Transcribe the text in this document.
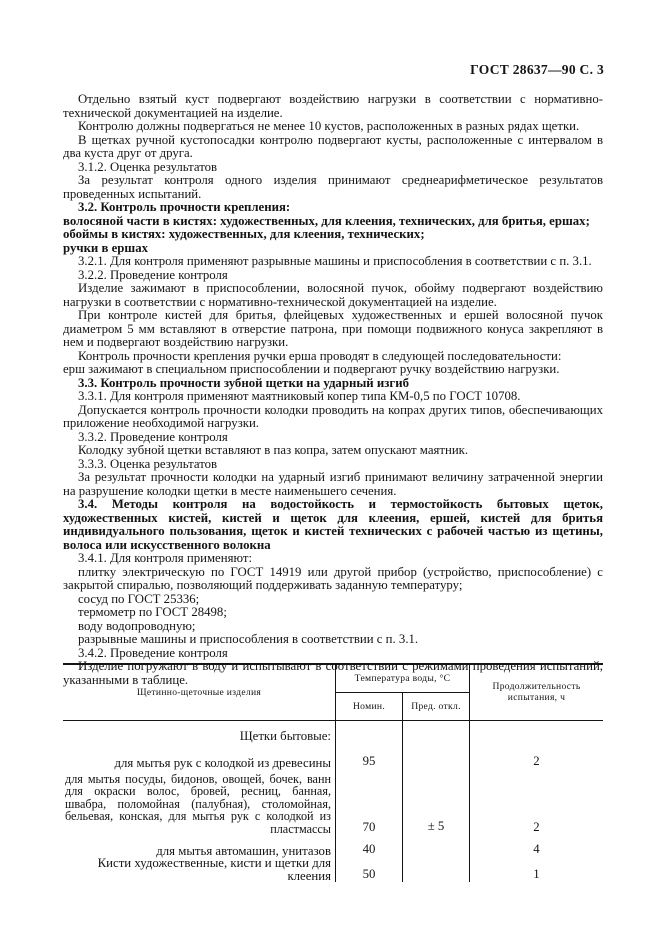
ГОСТ 28637—90 С. 3

Отдельно взятый куст подвергают воздействию нагрузки в соответствии с нормативно-технической документацией на изделие.

Контролю должны подвергаться не менее 10 кустов, расположенных в разных рядах щетки.

В щетках ручной кустопосадки контролю подвергают кусты, расположенные с интервалом в два куста друг от друга.

3.1.2. Оценка результатов

За результат контроля одного изделия принимают среднеарифметическое результатов проведенных испытаний.

3.2. Контроль прочности крепления:

волосяной части в кистях: художественных, для клеения, технических, для бритья, ершах;

обоймы в кистях: художественных, для клеения, технических;

ручки в ершах

3.2.1. Для контроля применяют разрывные машины и приспособления в соответствии с п. 3.1.

3.2.2. Проведение контроля

Изделие зажимают в приспособлении, волосяной пучок, обойму подвергают воздействию нагрузки в соответствии с нормативно-технической документацией на изделие.

При контроле кистей для бритья, флейцевых художественных и ершей волосяной пучок диаметром 5 мм вставляют в отверстие патрона, при помощи подвижного конуса закрепляют в нем и подвергают воздействию нагрузки.

Контроль прочности крепления ручки ерша проводят в следующей последовательности:

ерш зажимают в специальном приспособлении и подвергают ручку воздействию нагрузки.

3.3. Контроль прочности зубной щетки на ударный изгиб

3.3.1. Для контроля применяют маятниковый копер типа КМ-0,5 по ГОСТ 10708.

Допускается контроль прочности колодки проводить на копрах других типов, обеспечивающих приложение необходимой нагрузки.

3.3.2. Проведение контроля

Колодку зубной щетки вставляют в паз копра, затем опускают маятник.

3.3.3. Оценка результатов

За результат прочности колодки на ударный изгиб принимают величину затраченной энергии на разрушение колодки щетки в месте наименьшего сечения.

3.4. Методы контроля на водостойкость и термостойкость бытовых щеток, художественных кистей, кистей и щеток для клеения, ершей, кистей для бритья индивидуального пользования, щеток и кистей технических с рабочей частью из щетины, волоса или искусственного волокна

3.4.1. Для контроля применяют:

плитку электрическую по ГОСТ 14919 или другой прибор (устройство, приспособление) с закрытой спиралью, позволяющий поддерживать заданную температуру;

сосуд по ГОСТ 25336;

термометр по ГОСТ 28498;

воду водопроводную;

разрывные машины и приспособления в соответствии с п. 3.1.

3.4.2. Проведение контроля

Изделие погружают в воду и испытывают в соответствии с режимами проведения испытаний, указанными в таблице.

Щетинно-щеточные изделия	Температура воды, °С		Продолжительность испытания, ч
	Номин.	Пред. откл.	
Щетки бытовые:			
для мытья рук с колодкой из древесины	95		2
для мытья посуды, бидонов, овощей, бочек, ванн для окраски волос, бровей, ресниц, банная, швабра, поломойная (палубная), столомойная, бельевая, конская, для мытья рук с колодкой из пластмассы	70	± 5	2
для мытья автомашин, унитазов	40		4
Кисти художественные, кисти и щетки для клеения	50		1
